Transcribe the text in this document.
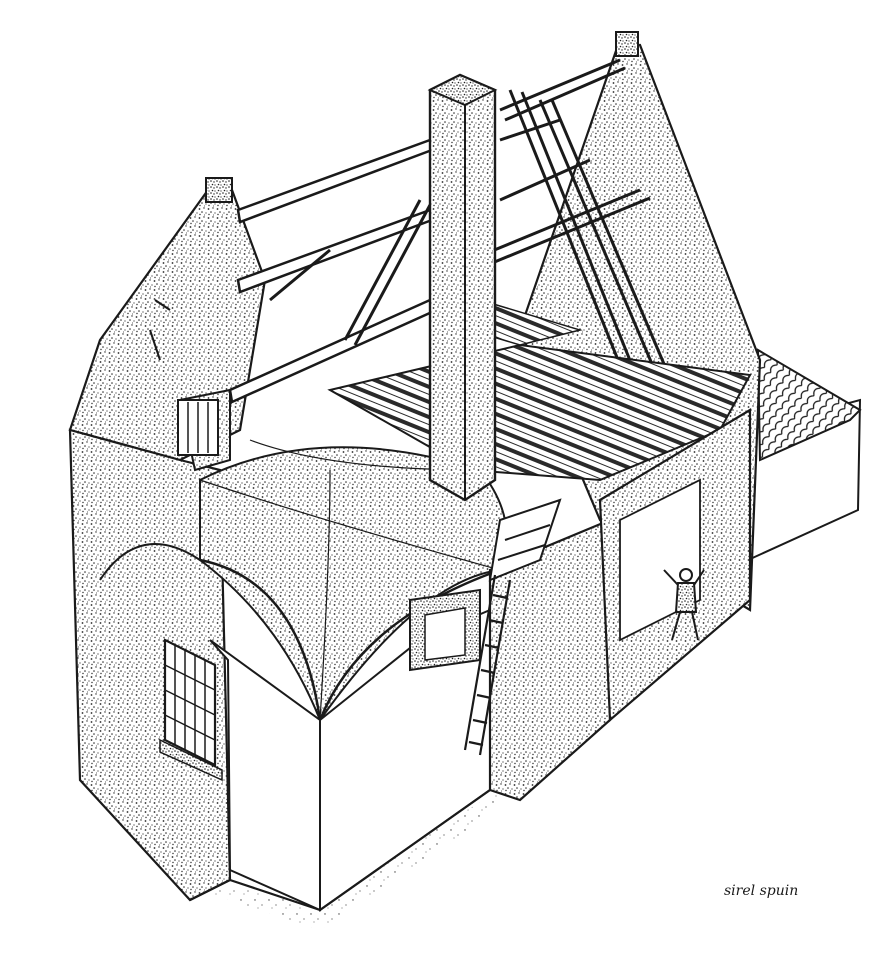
sirel spuin
